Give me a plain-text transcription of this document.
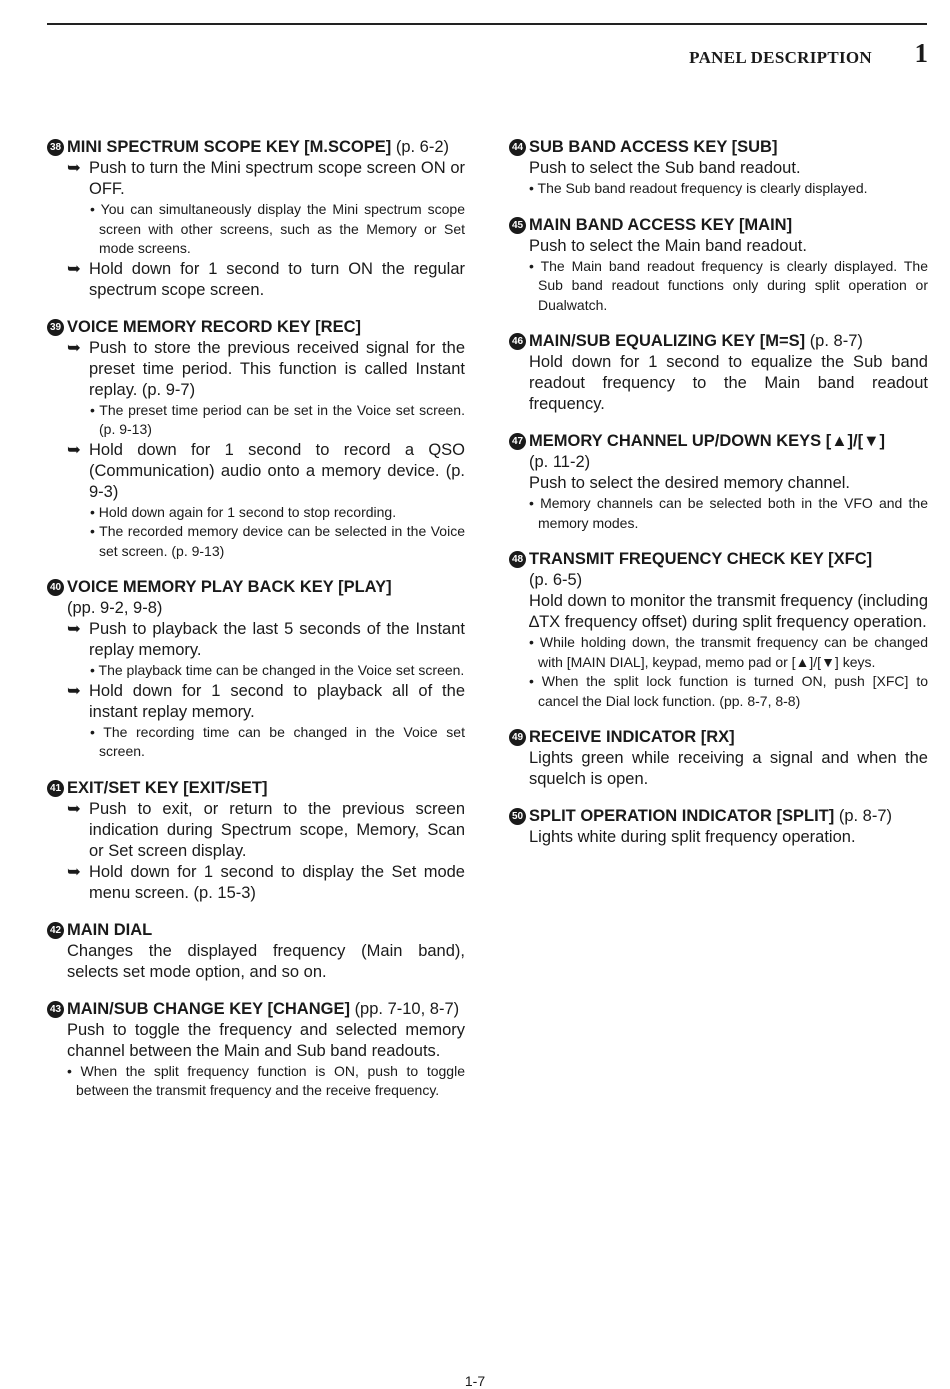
PANEL DESCRIPTION 1
38 MINI SPECTRUM SCOPE KEY [M.SCOPE] (p. 6-2)
➥ Push to turn the Mini spectrum scope screen ON or OFF.
• You can simultaneously display the Mini spectrum scope screen with other screens, such as the Memory or Set mode screens.
➥ Hold down for 1 second to turn ON the regular spectrum scope screen.
39 VOICE MEMORY RECORD KEY [REC]
➥ Push to store the previous received signal for the preset time period. This function is called Instant replay. (p. 9-7)
• The preset time period can be set in the Voice set screen. (p. 9-13)
➥ Hold down for 1 second to record a QSO (Communication) audio onto a memory device. (p. 9-3)
• Hold down again for 1 second to stop recording.
• The recorded memory device can be selected in the Voice set screen. (p. 9-13)
40 VOICE MEMORY PLAY BACK KEY [PLAY]
(pp. 9-2, 9-8)
➥ Push to playback the last 5 seconds of the Instant replay memory.
• The playback time can be changed in the Voice set screen.
➥ Hold down for 1 second to playback all of the instant replay memory.
• The recording time can be changed in the Voice set screen.
41 EXIT/SET KEY [EXIT/SET]
➥ Push to exit, or return to the previous screen indication during Spectrum scope, Memory, Scan or Set screen display.
➥ Hold down for 1 second to display the Set mode menu screen. (p. 15-3)
42 MAIN DIAL
Changes the displayed frequency (Main band), selects set mode option, and so on.
43 MAIN/SUB CHANGE KEY [CHANGE] (pp. 7-10, 8-7)
Push to toggle the frequency and selected memory channel between the Main and Sub band readouts.
• When the split frequency function is ON, push to toggle between the transmit frequency and the receive frequency.
44 SUB BAND ACCESS KEY [SUB]
Push to select the Sub band readout.
• The Sub band readout frequency is clearly displayed.
45 MAIN BAND ACCESS KEY [MAIN]
Push to select the Main band readout.
• The Main band readout frequency is clearly displayed. The Sub band readout functions only during split operation or Dualwatch.
46 MAIN/SUB EQUALIZING KEY [M=S] (p. 8-7)
Hold down for 1 second to equalize the Sub band readout frequency to the Main band readout frequency.
47 MEMORY CHANNEL UP/DOWN KEYS [▲]/[▼]
(p. 11-2)
Push to select the desired memory channel.
• Memory channels can be selected both in the VFO and the memory modes.
48 TRANSMIT FREQUENCY CHECK KEY [XFC]
(p. 6-5)
Hold down to monitor the transmit frequency (including ∆TX frequency offset) during split frequency operation.
• While holding down, the transmit frequency can be changed with [MAIN DIAL], keypad, memo pad or [▲]/[▼] keys.
• When the split lock function is turned ON, push [XFC] to cancel the Dial lock function. (pp. 8-7, 8-8)
49 RECEIVE INDICATOR [RX]
Lights green while receiving a signal and when the squelch is open.
50 SPLIT OPERATION INDICATOR [SPLIT] (p. 8-7)
Lights white during split frequency operation.
1-7
